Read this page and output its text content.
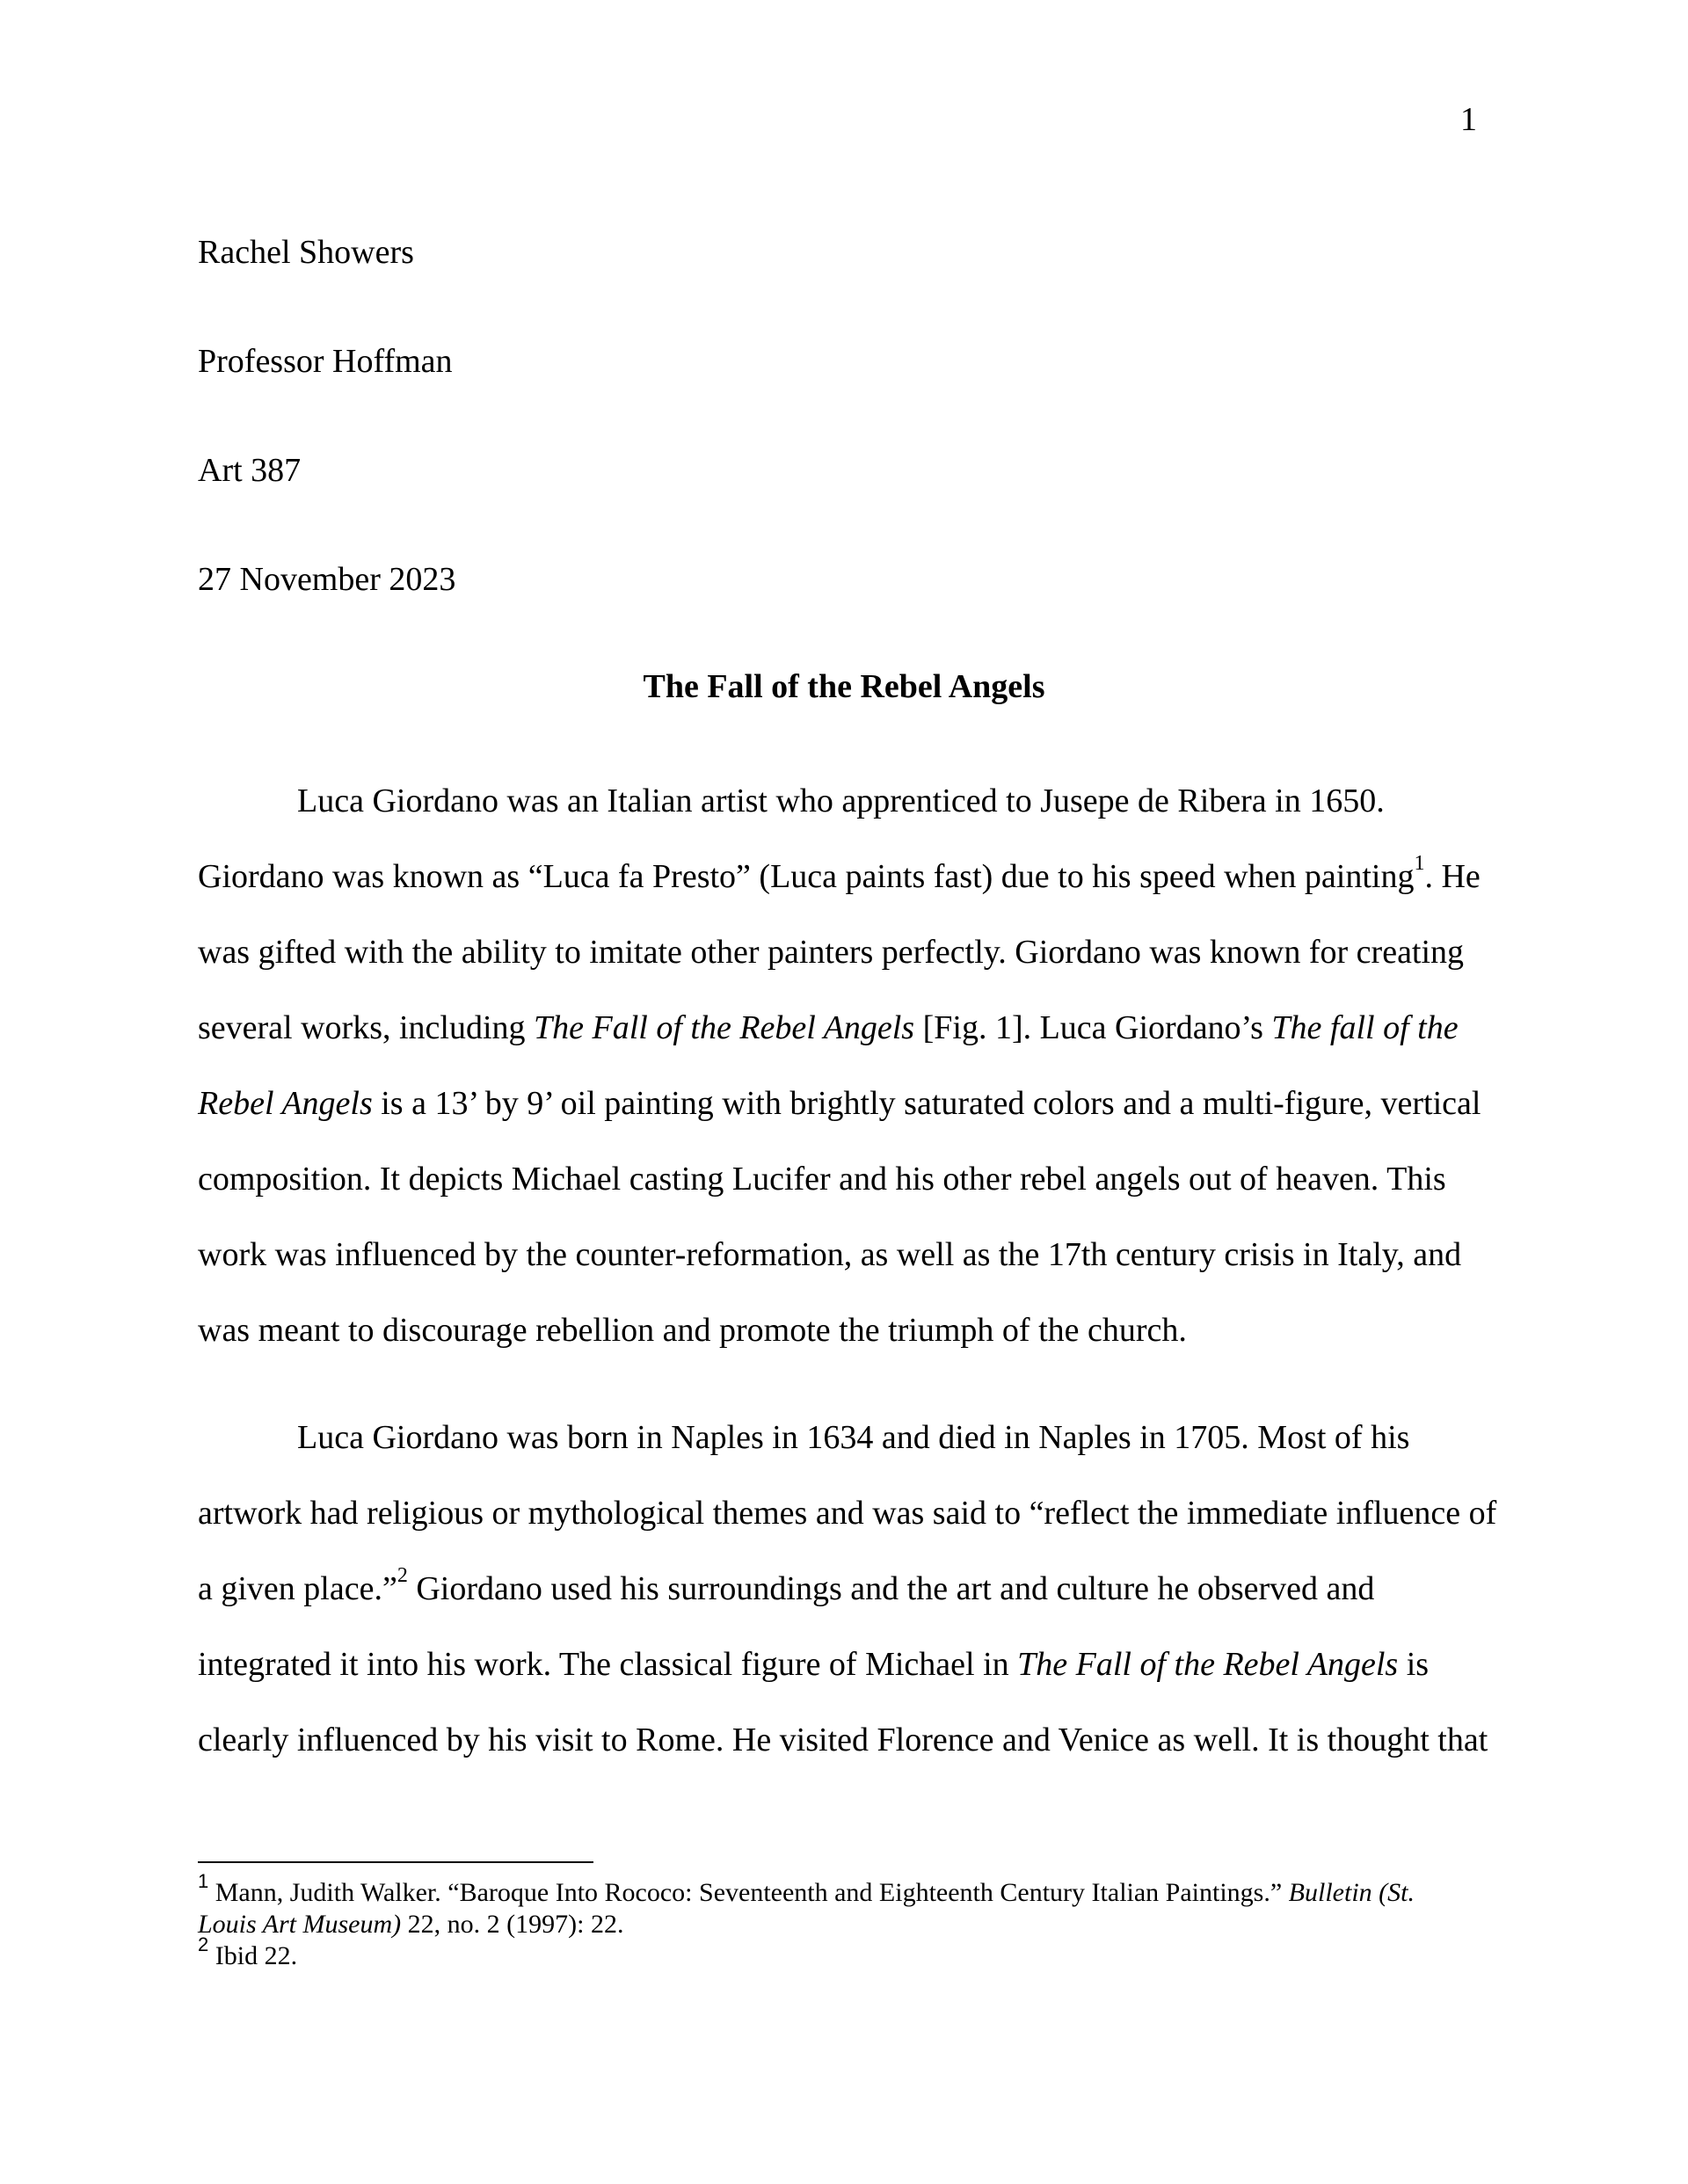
1
Rachel Showers
Professor Hoffman
Art 387
27 November 2023
The Fall of the Rebel Angels
Luca Giordano was an Italian artist who apprenticed to Jusepe de Ribera in 1650.
Giordano was known as “Luca fa Presto” (Luca paints fast) due to his speed when painting$^1$. He
was gifted with the ability to imitate other painters perfectly. Giordano was known for creating
several works, including The Fall of the Rebel Angels [Fig. 1]. Luca Giordano’s The fall of the
Rebel Angels is a 13’ by 9’ oil painting with brightly saturated colors and a multi-figure, vertical
composition. It depicts Michael casting Lucifer and his other rebel angels out of heaven. This
work was influenced by the counter-reformation, as well as the 17th century crisis in Italy, and
was meant to discourage rebellion and promote the triumph of the church.
Luca Giordano was born in Naples in 1634 and died in Naples in 1705. Most of his
artwork had religious or mythological themes and was said to “reflect the immediate influence of
a given place.”$^2$ Giordano used his surroundings and the art and culture he observed and
integrated it into his work. The classical figure of Michael in The Fall of the Rebel Angels is
clearly influenced by his visit to Rome. He visited Florence and Venice as well. It is thought that
$^1$ Mann, Judith Walker. “Baroque Into Rococo: Seventeenth and Eighteenth Century Italian Paintings.” Bulletin (St.
Louis Art Museum) 22, no. 2 (1997): 22.
$^2$ Ibid 22.
